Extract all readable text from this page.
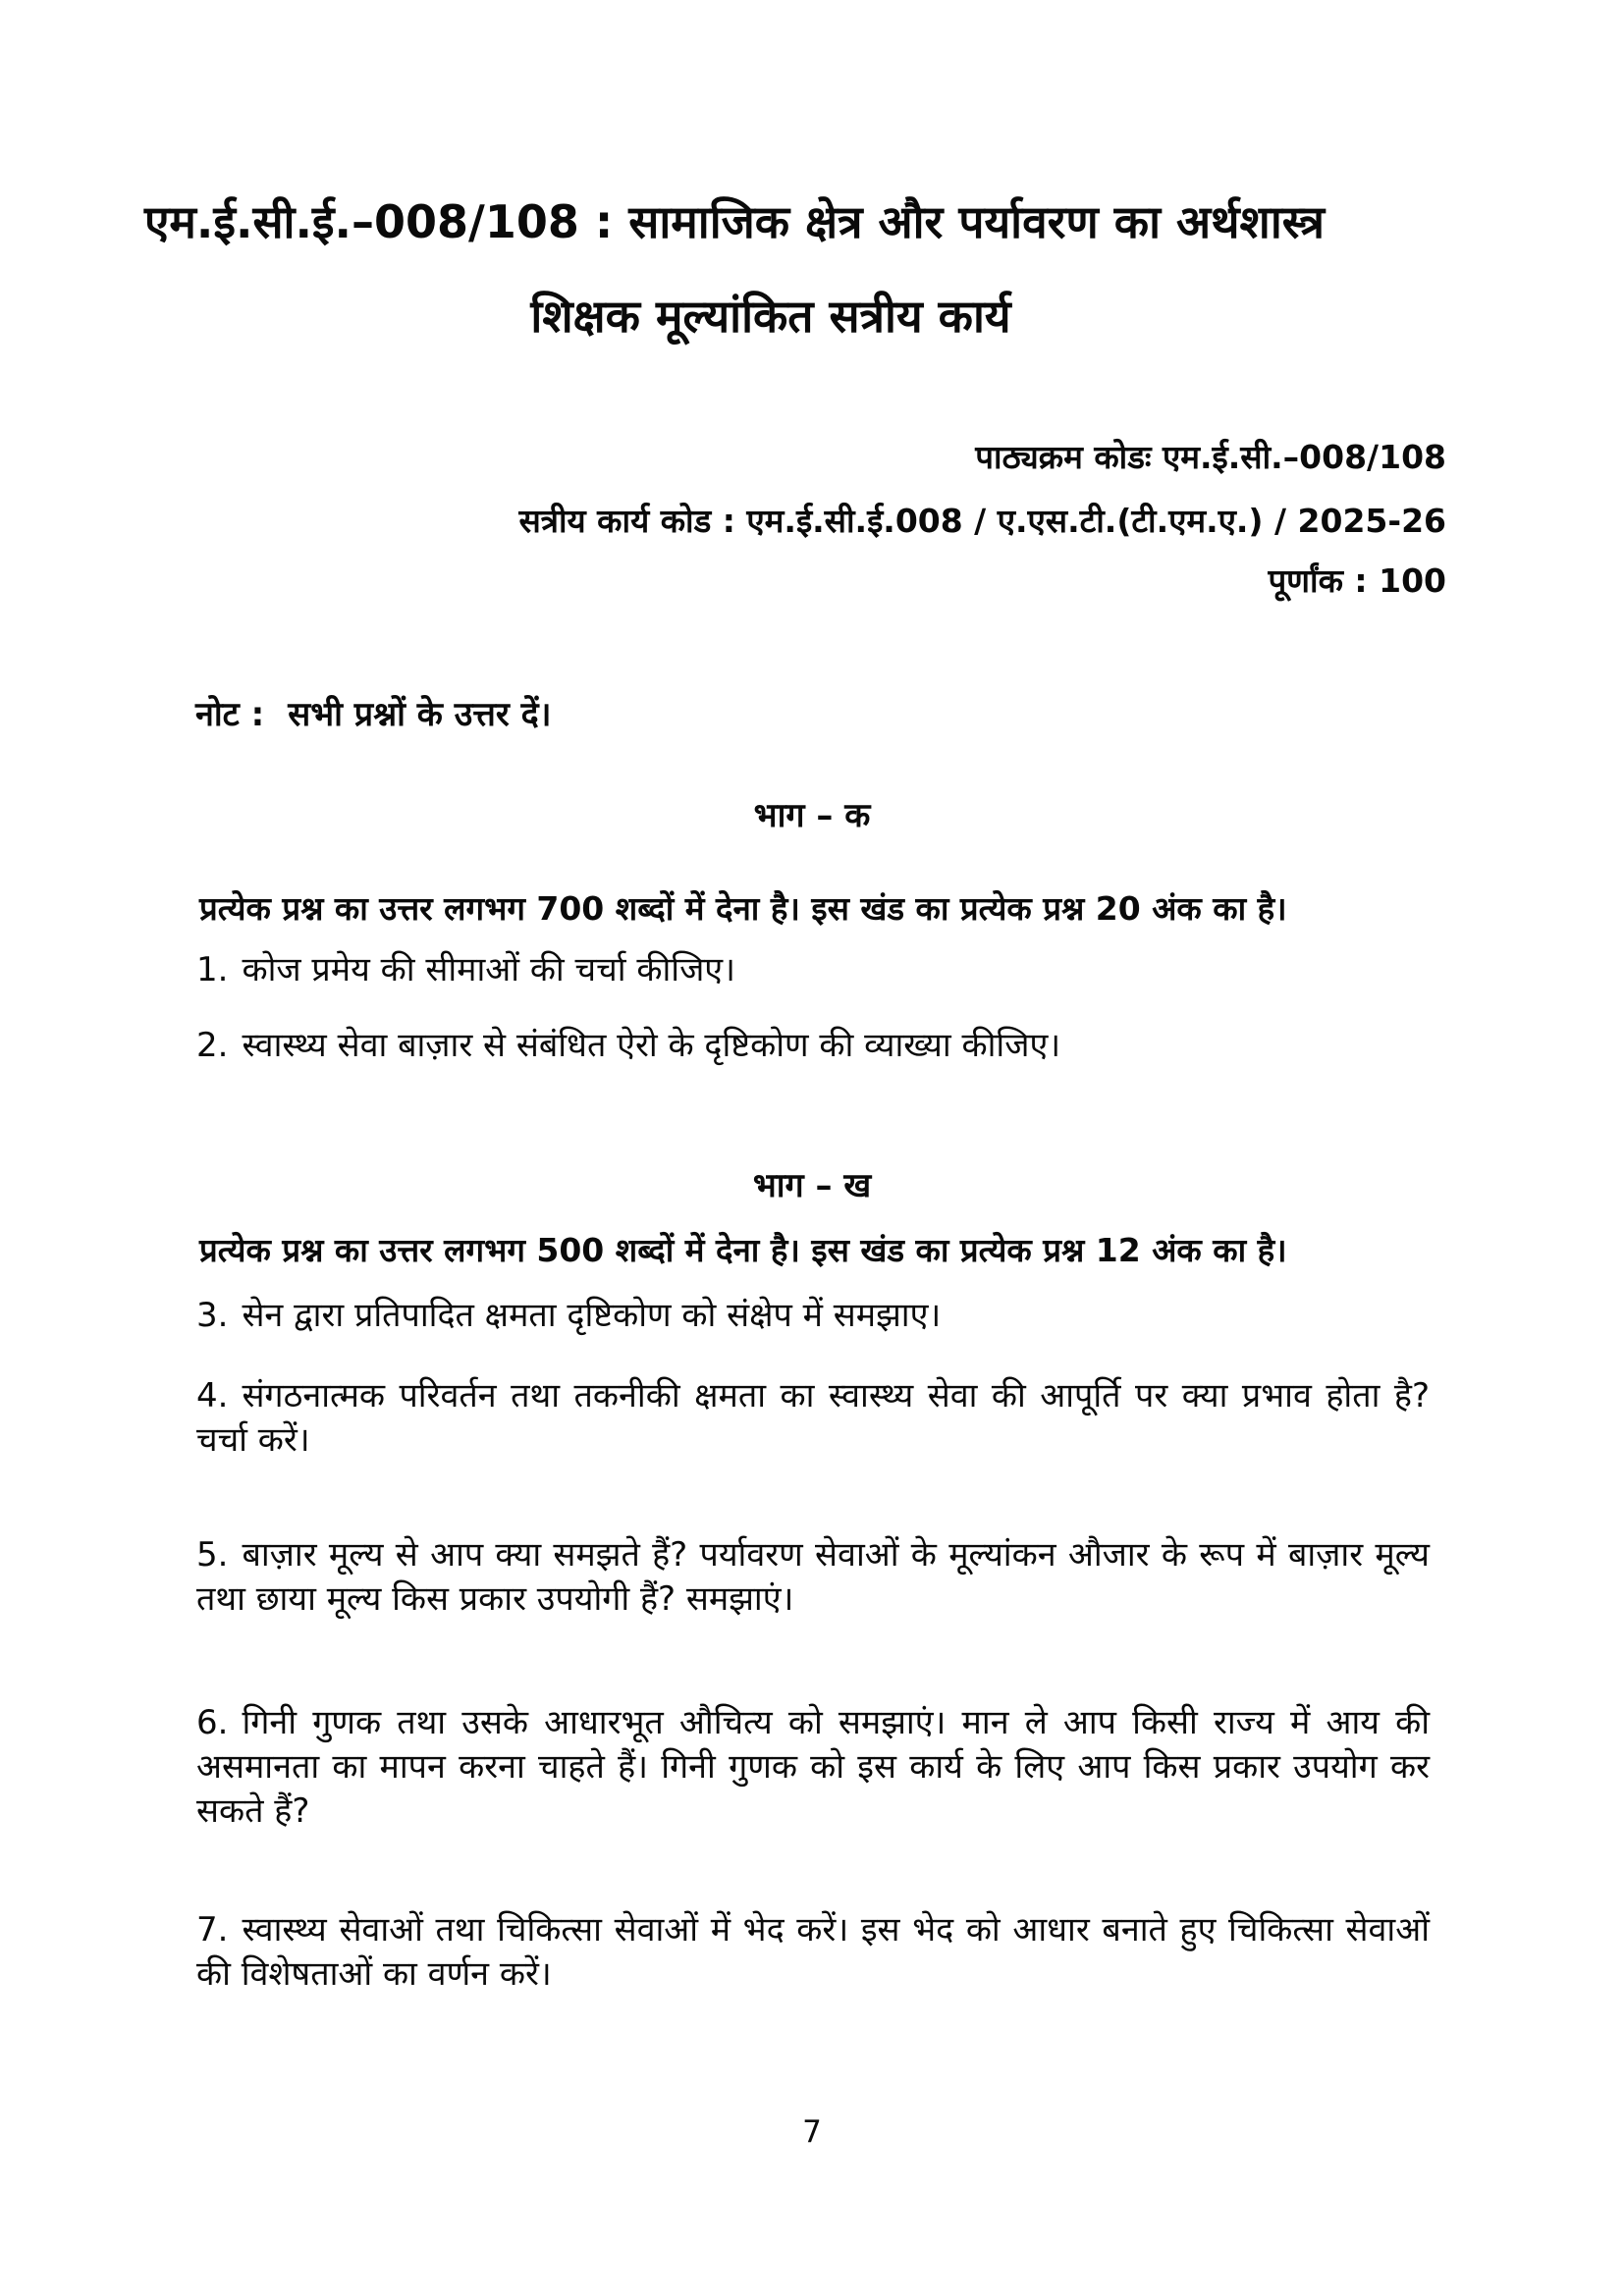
एम.ई.सी.ई.–008/108 : सामाजिक क्षेत्र और पर्यावरण का अर्थशास्त्र
शिक्षक मूल्यांकित सत्रीय कार्य
पाठ्यक्रम कोडः एम.ई.सी.–008/108
सत्रीय कार्य कोड : एम.ई.सी.ई.008 / ए.एस.टी.(टी.एम.ए.) / 2025-26
पूर्णांक : 100
नोट : सभी प्रश्नों के उत्तर दें।
भाग – क
प्रत्येक प्रश्न का उत्तर लगभग 700 शब्दों में देना है। इस खंड का प्रत्येक प्रश्न 20 अंक का है।
1. कोज प्रमेय की सीमाओं की चर्चा कीजिए।
2. स्वास्थ्य सेवा बाज़ार से संबंधित ऐरो के दृष्टिकोण की व्याख्या कीजिए।
भाग – ख
प्रत्येक प्रश्न का उत्तर लगभग 500 शब्दों में देना है। इस खंड का प्रत्येक प्रश्न 12 अंक का है।
3. सेन द्वारा प्रतिपादित क्षमता दृष्टिकोण को संक्षेप में समझाए।
4. संगठनात्मक परिवर्तन तथा तकनीकी क्षमता का स्वास्थ्य सेवा की आपूर्ति पर क्या प्रभाव होता है? चर्चा करें।
5. बाज़ार मूल्य से आप क्या समझते हैं? पर्यावरण सेवाओं के मूल्यांकन औजार के रूप में बाज़ार मूल्य तथा छाया मूल्य किस प्रकार उपयोगी हैं? समझाएं।
6. गिनी गुणक तथा उसके आधारभूत औचित्य को समझाएं। मान ले आप किसी राज्य में आय की असमानता का मापन करना चाहते हैं। गिनी गुणक को इस कार्य के लिए आप किस प्रकार उपयोग कर सकते हैं?
7. स्वास्थ्य सेवाओं तथा चिकित्सा सेवाओं में भेद करें। इस भेद को आधार बनाते हुए चिकित्सा सेवाओं की विशेषताओं का वर्णन करें।
7
